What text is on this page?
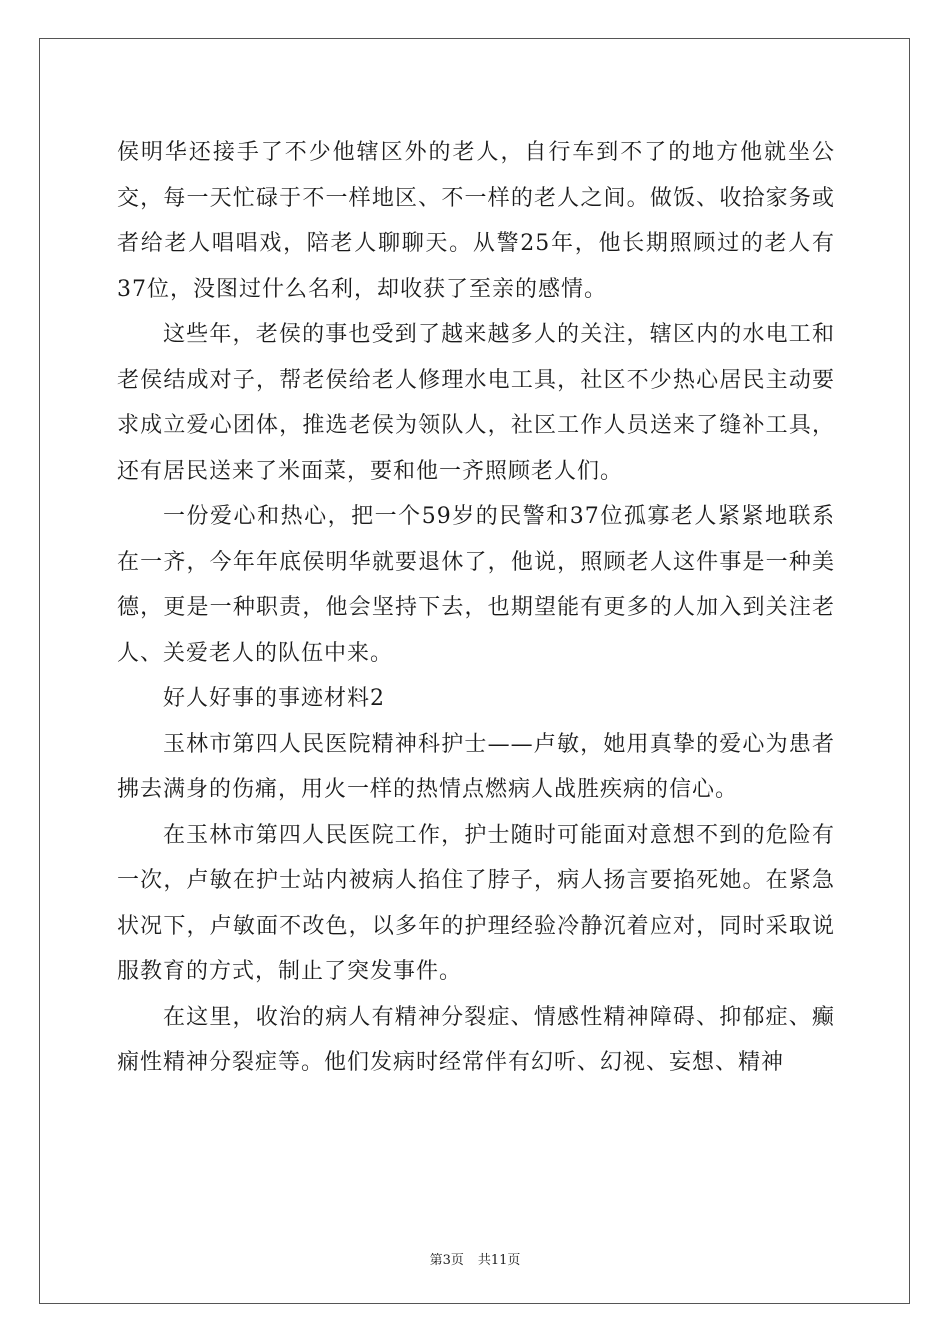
侯明华还接手了不少他辖区外的老人，自行车到不了的地方他就坐公交，每一天忙碌于不一样地区、不一样的老人之间。做饭、收拾家务或者给老人唱唱戏，陪老人聊聊天。从警25年，他长期照顾过的老人有37位，没图过什么名利，却收获了至亲的感情。

这些年，老侯的事也受到了越来越多人的关注，辖区内的水电工和老侯结成对子，帮老侯给老人修理水电工具，社区不少热心居民主动要求成立爱心团体，推选老侯为领队人，社区工作人员送来了缝补工具，还有居民送来了米面菜，要和他一齐照顾老人们。

一份爱心和热心，把一个59岁的民警和37位孤寡老人紧紧地联系在一齐，今年年底侯明华就要退休了，他说，照顾老人这件事是一种美德，更是一种职责，他会坚持下去，也期望能有更多的人加入到关注老人、关爱老人的队伍中来。

好人好事的事迹材料2

玉林市第四人民医院精神科护士——卢敏，她用真挚的爱心为患者拂去满身的伤痛，用火一样的热情点燃病人战胜疾病的信心。

在玉林市第四人民医院工作，护士随时可能面对意想不到的危险有一次，卢敏在护士站内被病人掐住了脖子，病人扬言要掐死她。在紧急状况下，卢敏面不改色，以多年的护理经验冷静沉着应对，同时采取说服教育的方式，制止了突发事件。

在这里，收治的病人有精神分裂症、情感性精神障碍、抑郁症、癫痫性精神分裂症等。他们发病时经常伴有幻听、幻视、妄想、精神

第3页 共11页
